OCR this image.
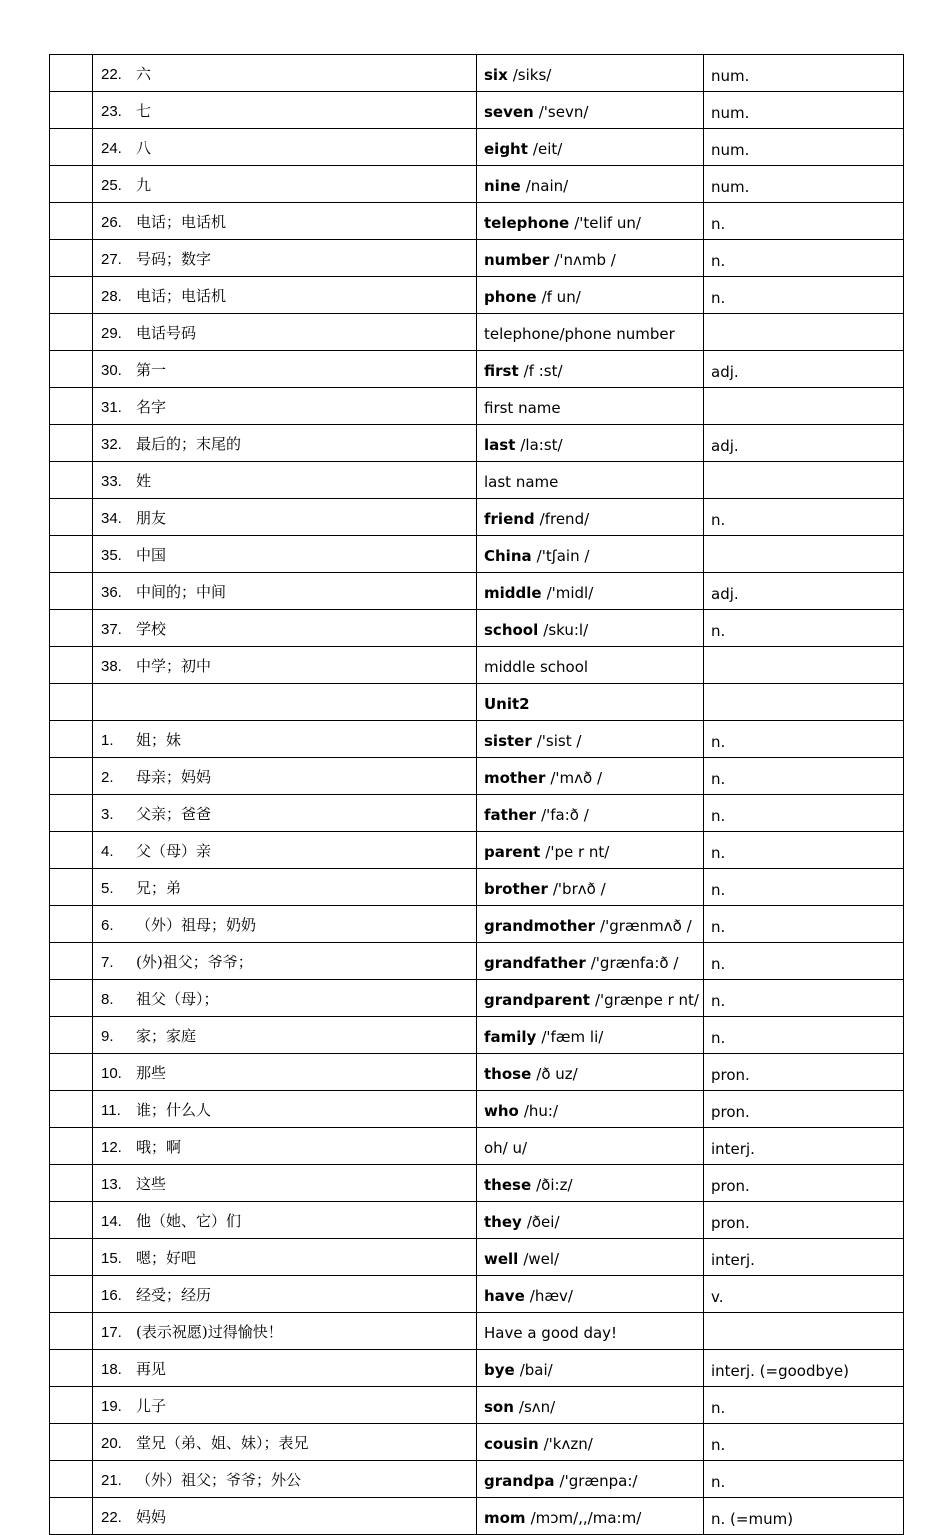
	22. 六	six /siks/	num.
	23. 七	seven /'sevn/	num.
	24. 八	eight /eit/	num.
	25. 九	nine /nain/	num.
	26. 电话；电话机	telephone /'telif un/	n.
	27. 号码；数字	number /'nʌmb /	n.
	28. 电话；电话机	phone /f un/	n.
	29. 电话号码	telephone/phone number	
	30. 第一	first /f :st/	adj.
	31. 名字	first name	
	32. 最后的；末尾的	last /la:st/	adj.
	33. 姓	last name	
	34. 朋友	friend /frend/	n.
	35. 中国	China /'tʃain /	
	36. 中间的；中间	middle /'midl/	adj.
	37. 学校	school /sku:l/	n.
	38. 中学；初中	middle school	
		Unit2	
	1. 姐；妹	sister /'sist /	n.
	2. 母亲；妈妈	mother /'mʌð /	n.
	3. 父亲；爸爸	father /'fa:ð /	n.
	4. 父（母）亲	parent /'pe r nt/	n.
	5. 兄；弟	brother /'brʌð /	n.
	6. （外）祖母；奶奶	grandmother /'grænmʌð /	n.
	7. (外)祖父；爷爷；	grandfather /'grænfa:ð /	n.
	8. 祖父（母）；	grandparent /'grænpe r nt/	n.
	9. 家；家庭	family /'fæm li/	n.
	10. 那些	those /ð uz/	pron.
	11. 谁；什么人	who /hu:/	pron.
	12. 哦；啊	oh/ u/	interj.
	13. 这些	these /ði:z/	pron.
	14. 他（她、它）们	they /ðei/	pron.
	15. 嗯；好吧	well /wel/	interj.
	16. 经受；经历	have /hæv/	v.
	17. (表示祝愿)过得愉快！	Have a good day!	
	18. 再见	bye /bai/	interj. (=goodbye)
	19. 儿子	son /sʌn/	n.
	20. 堂兄（弟、姐、妹）；表兄	cousin /'kʌzn/	n.
	21. （外）祖父；爷爷；外公	grandpa /'grænpa:/	n.
	22. 妈妈	mom /mɔm/,,/ma:m/	n. (=mum)
